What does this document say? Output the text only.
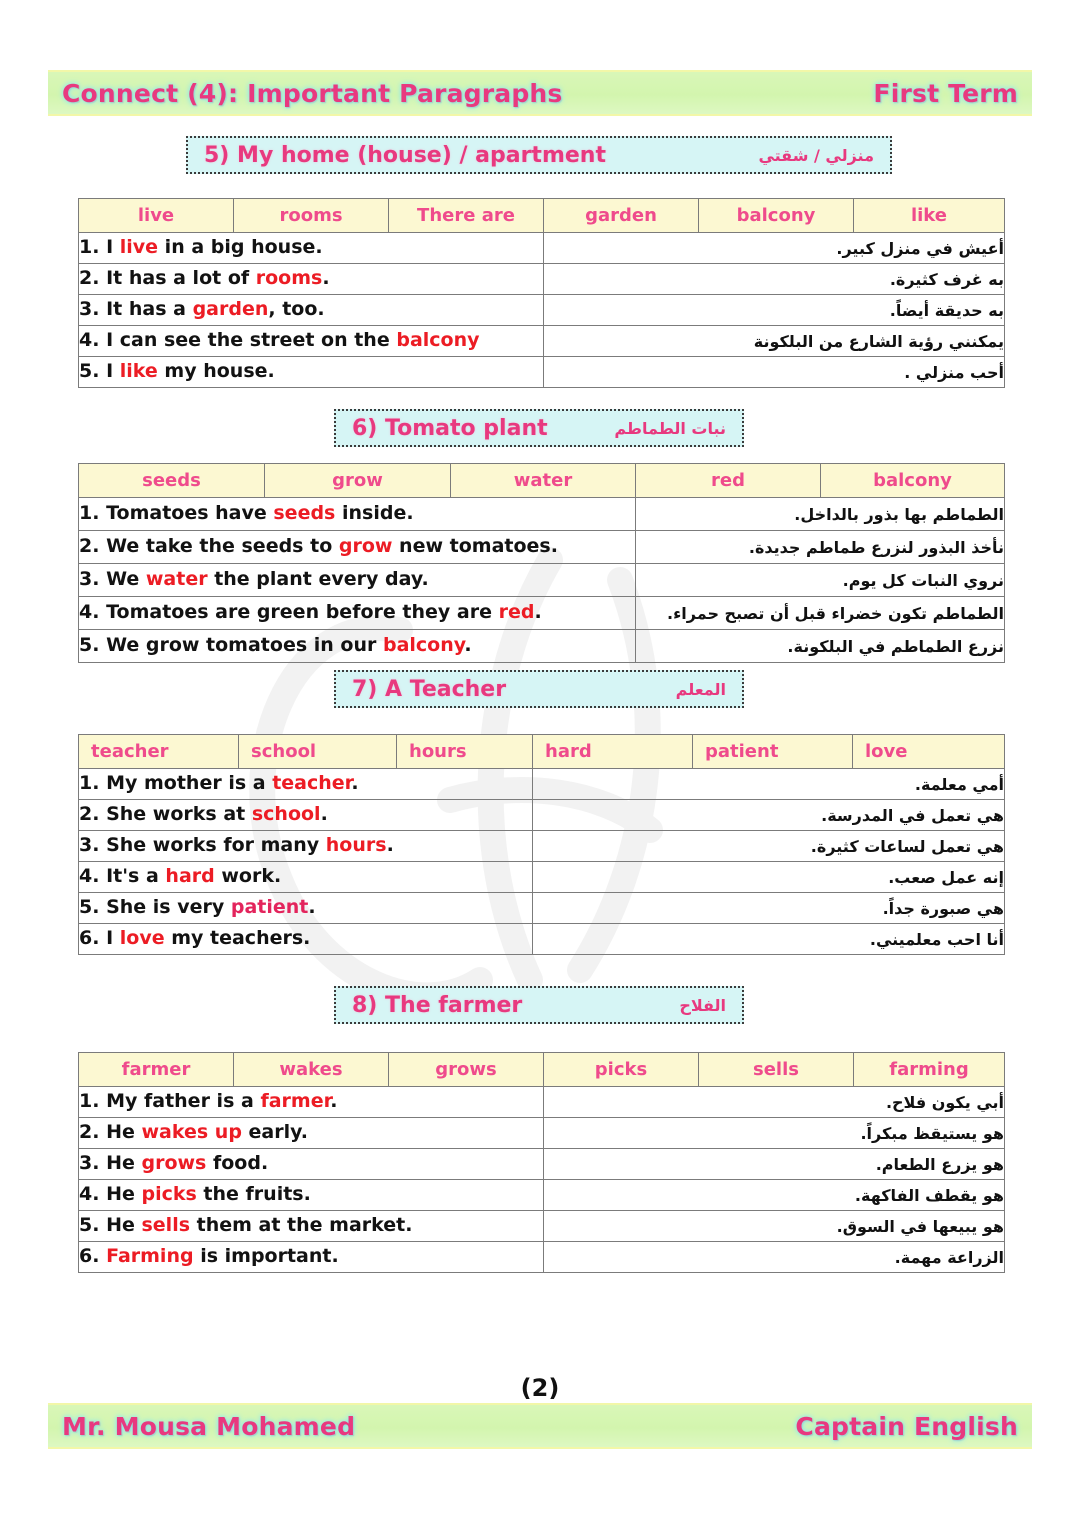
Connect (4): Important Paragraphs	First Term
5) My home (house) / apartment	منزلي / شقتي
live	rooms	There are	garden	balcony	like
1. I live in a big house.			أعيش في منزل كبير.		
2. It has a lot of rooms.			به غرف كثيرة.		
3. It has a garden, too.			به حديقة أيضاً.		
4. I can see the street on the balcony			يمكنني رؤية الشارع من البلكونة		
5. I like my house.			أحب منزلي .		
6) Tomato plant	نبات الطماطم
seeds	grow	water	red	balcony
1. Tomatoes have seeds inside.			الطماطم بها بذور بالداخل.	
2. We take the seeds to grow new tomatoes.			نأخذ البذور لنزرع طماطم جديدة.	
3. We water the plant every day.			نروي النبات كل يوم.	
4. Tomatoes are green before they are red.			الطماطم تكون خضراء قبل أن تصبح حمراء.	
5. We grow tomatoes in our balcony.			نزرع الطماطم في البلكونة.	
7) A Teacher	المعلم
teacher	school	hours	hard	patient	love
1. My mother is a teacher.			أمي معلمة.		
2. She works at school.			هي تعمل في المدرسة.		
3. She works for many hours.			هي تعمل لساعات كثيرة.		
4. It's a hard work.			إنه عمل صعب.		
5. She is very patient.			هي صبورة جداً.		
6. I love my teachers.			أنا احب معلميني.		
8) The farmer	الفلاح
farmer	wakes	grows	picks	sells	farming
1. My father is a farmer.			أبي يكون فلاح.		
2. He wakes up early.			هو يستيقظ مبكراً.		
3. He grows food.			هو يزرع الطعام.		
4. He picks the fruits.			هو يقطف الفاكهة.		
5. He sells them at the market.			هو يبيعها في السوق.		
6. Farming is important.			الزراعة مهمة.		
(2)
Mr. Mousa Mohamed	Captain English
